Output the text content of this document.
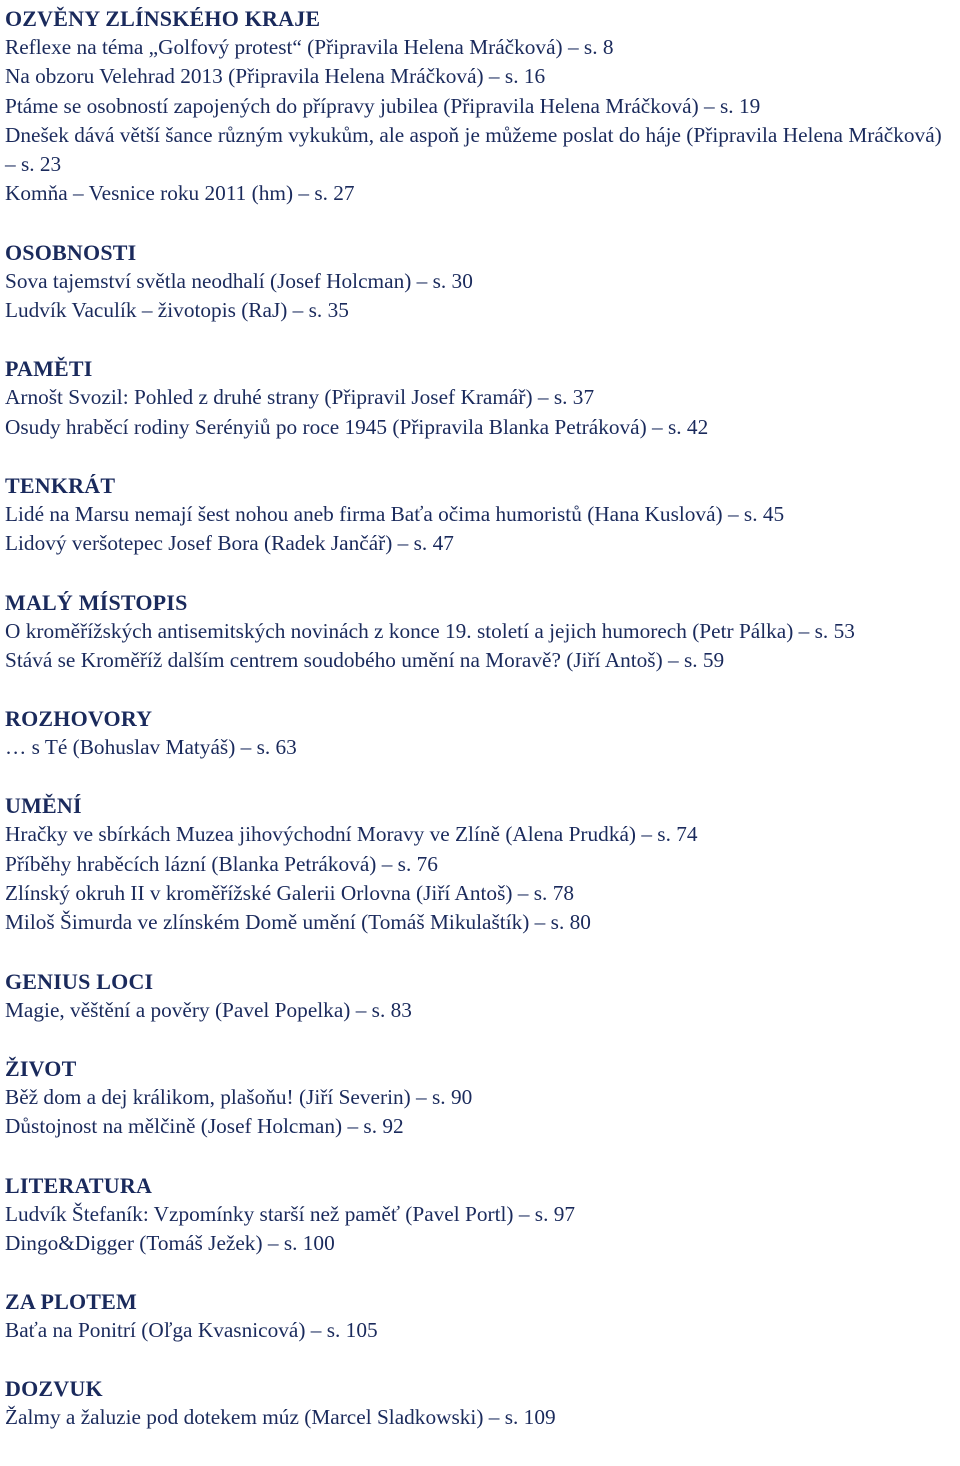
OZVĚNY ZLÍNSKÉHO KRAJE
Reflexe na téma „Golfový protest“ (Připravila Helena Mráčková) – s. 8
Na obzoru Velehrad 2013 (Připravila Helena Mráčková) – s. 16
Ptáme se osobností zapojených do přípravy jubilea (Připravila Helena Mráčková) – s. 19
Dnešek dává větší šance různým vykukům, ale aspoň je můžeme poslat do háje (Připravila Helena Mráčková) – s. 23
Komňa – Vesnice roku 2011 (hm) – s. 27
OSOBNOSTI
Sova tajemství světla neodhalí (Josef Holcman) – s. 30
Ludvík Vaculík – životopis (RaJ) – s. 35
PAMĚTI
Arnošt Svozil: Pohled z druhé strany (Připravil Josef Kramář) – s. 37
Osudy hraběcí rodiny Serényiů po roce 1945 (Připravila Blanka Petráková) – s. 42
TENKRÁT
Lidé na Marsu nemají šest nohou aneb firma Baťa očima humoristů (Hana Kuslová) – s. 45
Lidový veršotepec Josef Bora (Radek Jančář) – s. 47
MALÝ MÍSTOPIS
O kroměřížských antisemitských novinách z konce 19. století a jejich humorech (Petr Pálka) – s. 53
Stává se Kroměříž dalším centrem soudobého umění na Moravě? (Jiří Antoš) – s. 59
ROZHOVORY
… s Té (Bohuslav Matyáš) – s. 63
UMĚNÍ
Hračky ve sbírkách Muzea jihovýchodní Moravy ve Zlíně (Alena Prudká) – s. 74
Příběhy hraběcích lázní (Blanka Petráková) – s. 76
Zlínský okruh II v kroměřížské Galerii Orlovna (Jiří Antoš) – s. 78
Miloš Šimurda ve zlínském Domě umění (Tomáš Mikulaštík) – s. 80
GENIUS LOCI
Magie, věštění a pověry (Pavel Popelka) – s. 83
ŽIVOT
Běž dom a dej králikom, plašoňu! (Jiří Severin) – s. 90
Důstojnost na mělčině (Josef Holcman) – s. 92
LITERATURA
Ludvík Štefaník: Vzpomínky starší než paměť (Pavel Portl) – s. 97
Dingo&Digger (Tomáš Ježek) – s. 100
ZA PLOTEM
Baťa na Ponitrí (Oľga Kvasnicová) – s. 105
DOZVUK
Žalmy a žaluzie pod dotekem múz (Marcel Sladkowski) – s. 109
